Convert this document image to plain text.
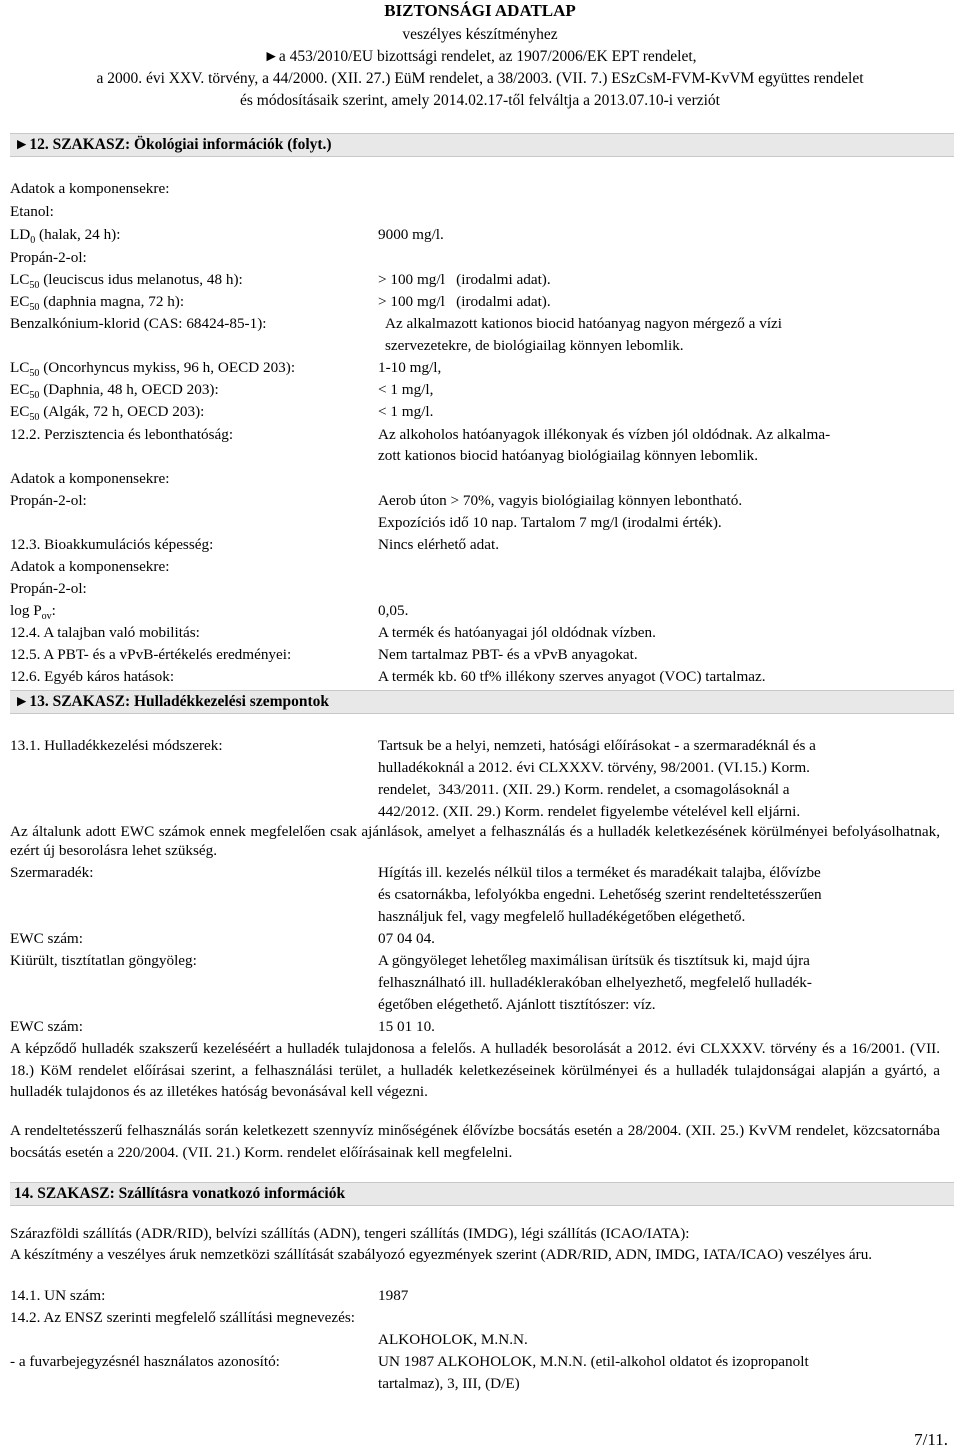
BIZTONSÁGI ADATLAP
veszélyes készítményhez
►a 453/2010/EU bizottsági rendelet, az 1907/2006/EK EPT rendelet,
a 2000. évi XXV. törvény, a 44/2000. (XII. 27.) EüM rendelet, a 38/2003. (VII. 7.) ESzCsM-FVM-KvVM együttes rendelet
és módosításaik szerint, amely 2014.02.17-től felváltja a 2013.07.10-i verziót
►12. SZAKASZ: Ökológiai információk (folyt.)
Adatok a komponensekre:
Etanol:
$LD_0$ (halak, 24 h):	9000 mg/l.
Propán-2-ol:
$LC_{50}$ (leuciscus idus melanotus, 48 h):	> 100 mg/l   (irodalmi adat).
$EC_{50}$ (daphnia magna, 72 h):	> 100 mg/l   (irodalmi adat).
Benzalkónium-klorid (CAS: 68424-85-1):	Az alkalmazott kationos biocid hatóanyag nagyon mérgező a vízi
szervezetekre, de biológiailag könnyen lebomlik.
$LC_{50}$ (Oncorhyncus mykiss, 96 h, OECD 203):	1-10 mg/l,
$EC_{50}$ (Daphnia, 48 h, OECD 203):	< 1 mg/l,
$EC_{50}$ (Algák, 72 h, OECD 203):	< 1 mg/l.
12.2. Perzisztencia és lebonthatóság:	Az alkoholos hatóanyagok illékonyak és vízben jól oldódnak. Az alkalma-
zott kationos biocid hatóanyag biológiailag könnyen lebomlik.
Adatok a komponensekre:
Propán-2-ol:	Aerob úton > 70%, vagyis biológiailag könnyen lebontható.
Expozíciós idő 10 nap. Tartalom 7 mg/l (irodalmi érték).
12.3. Bioakkumulációs képesség:	Nincs elérhető adat.
Adatok a komponensekre:
Propán-2-ol:
$\log P_{ov}$:	0,05.
12.4. A talajban való mobilitás:	A termék és hatóanyagai jól oldódnak vízben.
12.5. A PBT- és a vPvB-értékelés eredményei:	Nem tartalmaz PBT- és a vPvB anyagokat.
12.6. Egyéb káros hatások:	A termék kb. 60 tf% illékony szerves anyagot (VOC) tartalmaz.
►13. SZAKASZ: Hulladékkezelési szempontok
13.1. Hulladékkezelési módszerek:	Tartsuk be a helyi, nemzeti, hatósági előírásokat - a szermaradéknál és a
hulladékoknál a 2012. évi CLXXXV. törvény, 98/2001. (VI.15.) Korm.
rendelet,  343/2011. (XII. 29.) Korm. rendelet, a csomagolásoknál a
442/2012. (XII. 29.) Korm. rendelet figyelembe vételével kell eljárni.
Az általunk adott EWC számok ennek megfelelően csak ajánlások, amelyet a felhasználás és a hulladék keletkezésének körülményei befolyásolhatnak, ezért új besorolásra lehet szükség.
Szermaradék:	Hígítás ill. kezelés nélkül tilos a terméket és maradékait talajba, élővízbe
és csatornákba, lefolyókba engedni. Lehetőség szerint rendeltetésszerűen
használjuk fel, vagy megfelelő hulladékégetőben elégethető.
EWC szám:	07 04 04.
Kiürült, tisztítatlan göngyöleg:	A göngyöleget lehetőleg maximálisan ürítsük és tisztítsuk ki, majd újra
felhasználható ill. hulladéklerakóban elhelyezhető, megfelelő hulladék-
égetőben elégethető. Ajánlott tisztítószer: víz.
EWC szám:	15 01 10.
A képződő hulladék szakszerű kezeléséért a hulladék tulajdonosa a felelős. A hulladék besorolását a 2012. évi CLXXXV. törvény és a 16/2001. (VII. 18.) KöM rendelet előírásai szerint, a felhasználási terület, a hulladék keletkezéseinek körülményei és a hulladék tulajdonságai alapján a gyártó, a hulladék tulajdonos és az illetékes hatóság bevonásával kell végezni.
A rendeltetésszerű felhasználás során keletkezett szennyvíz minőségének élővízbe bocsátás esetén a 28/2004. (XII. 25.) KvVM rendelet, közcsatornába bocsátás esetén a 220/2004. (VII. 21.) Korm. rendelet előírásainak kell megfelelni.
14. SZAKASZ: Szállításra vonatkozó információk
Szárazföldi szállítás (ADR/RID), belvízi szállítás (ADN), tengeri szállítás (IMDG), légi szállítás (ICAO/IATA):
A készítmény a veszélyes áruk nemzetközi szállítását szabályozó egyezmények szerint (ADR/RID, ADN, IMDG, IATA/ICAO) veszélyes áru.
14.1. UN szám:	1987
14.2. Az ENSZ szerinti megfelelő szállítási megnevezés:
ALKOHOLOK, M.N.N.
- a fuvarbejegyzésnél használatos azonosító:	UN 1987 ALKOHOLOK, M.N.N. (etil-alkohol oldatot és izopropanolt
tartalmaz), 3, III, (D/E)
7/11.
